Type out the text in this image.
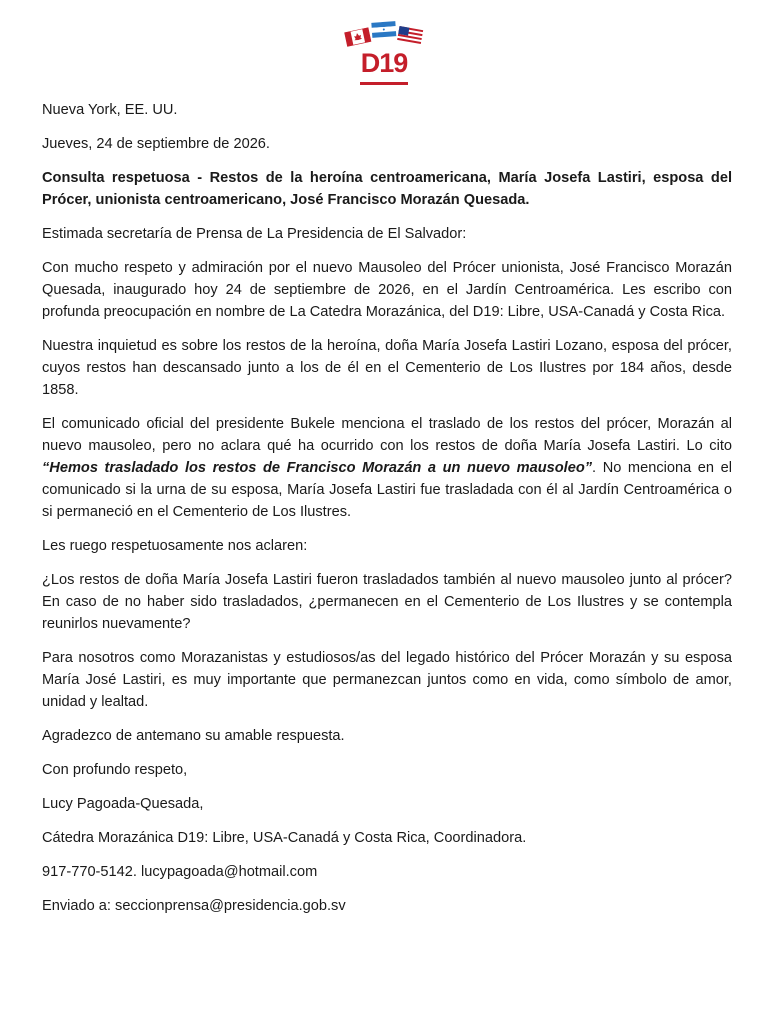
D19

Nueva York, EE. UU.

Jueves, 24 de septiembre de 2026.

Consulta respetuosa - Restos de la heroína centroamericana, María Josefa Lastiri, esposa del Prócer, unionista centroamericano, José Francisco Morazán Quesada.

Estimada secretaría de Prensa de La Presidencia de El Salvador:

Con mucho respeto y admiración por el nuevo Mausoleo del Prócer unionista, José Francisco Morazán Quesada, inaugurado hoy 24 de septiembre de 2026, en el Jardín Centroamérica. Les escribo con profunda preocupación en nombre de La Catedra Morazánica, del D19: Libre, USA-Canadá y Costa Rica.

Nuestra inquietud es sobre los restos de la heroína, doña María Josefa Lastiri Lozano, esposa del prócer, cuyos restos han descansado junto a los de él en el Cementerio de Los Ilustres por 184 años, desde 1858.

El comunicado oficial del presidente Bukele menciona el traslado de los restos del prócer, Morazán al nuevo mausoleo, pero no aclara qué ha ocurrido con los restos de doña María Josefa Lastiri. Lo cito “Hemos trasladado los restos de Francisco Morazán a un nuevo mausoleo”. No menciona en el comunicado si la urna de su esposa, María Josefa Lastiri fue trasladada con él al Jardín Centroamérica o si permaneció en el Cementerio de Los Ilustres.

Les ruego respetuosamente nos aclaren:

¿Los restos de doña María Josefa Lastiri fueron trasladados también al nuevo mausoleo junto al prócer? En caso de no haber sido trasladados, ¿permanecen en el Cementerio de Los Ilustres y se contempla reunirlos nuevamente?

Para nosotros como Morazanistas y estudiosos/as del legado histórico del Prócer Morazán y su esposa María José Lastiri, es muy importante que permanezcan juntos como en vida, como símbolo de amor, unidad y lealtad.

Agradezco de antemano su amable respuesta.

Con profundo respeto,

Lucy Pagoada-Quesada,

Cátedra Morazánica D19: Libre, USA-Canadá y Costa Rica, Coordinadora.

917-770-5142. lucypagoada@hotmail.com

Enviado a: seccionprensa@presidencia.gob.sv
